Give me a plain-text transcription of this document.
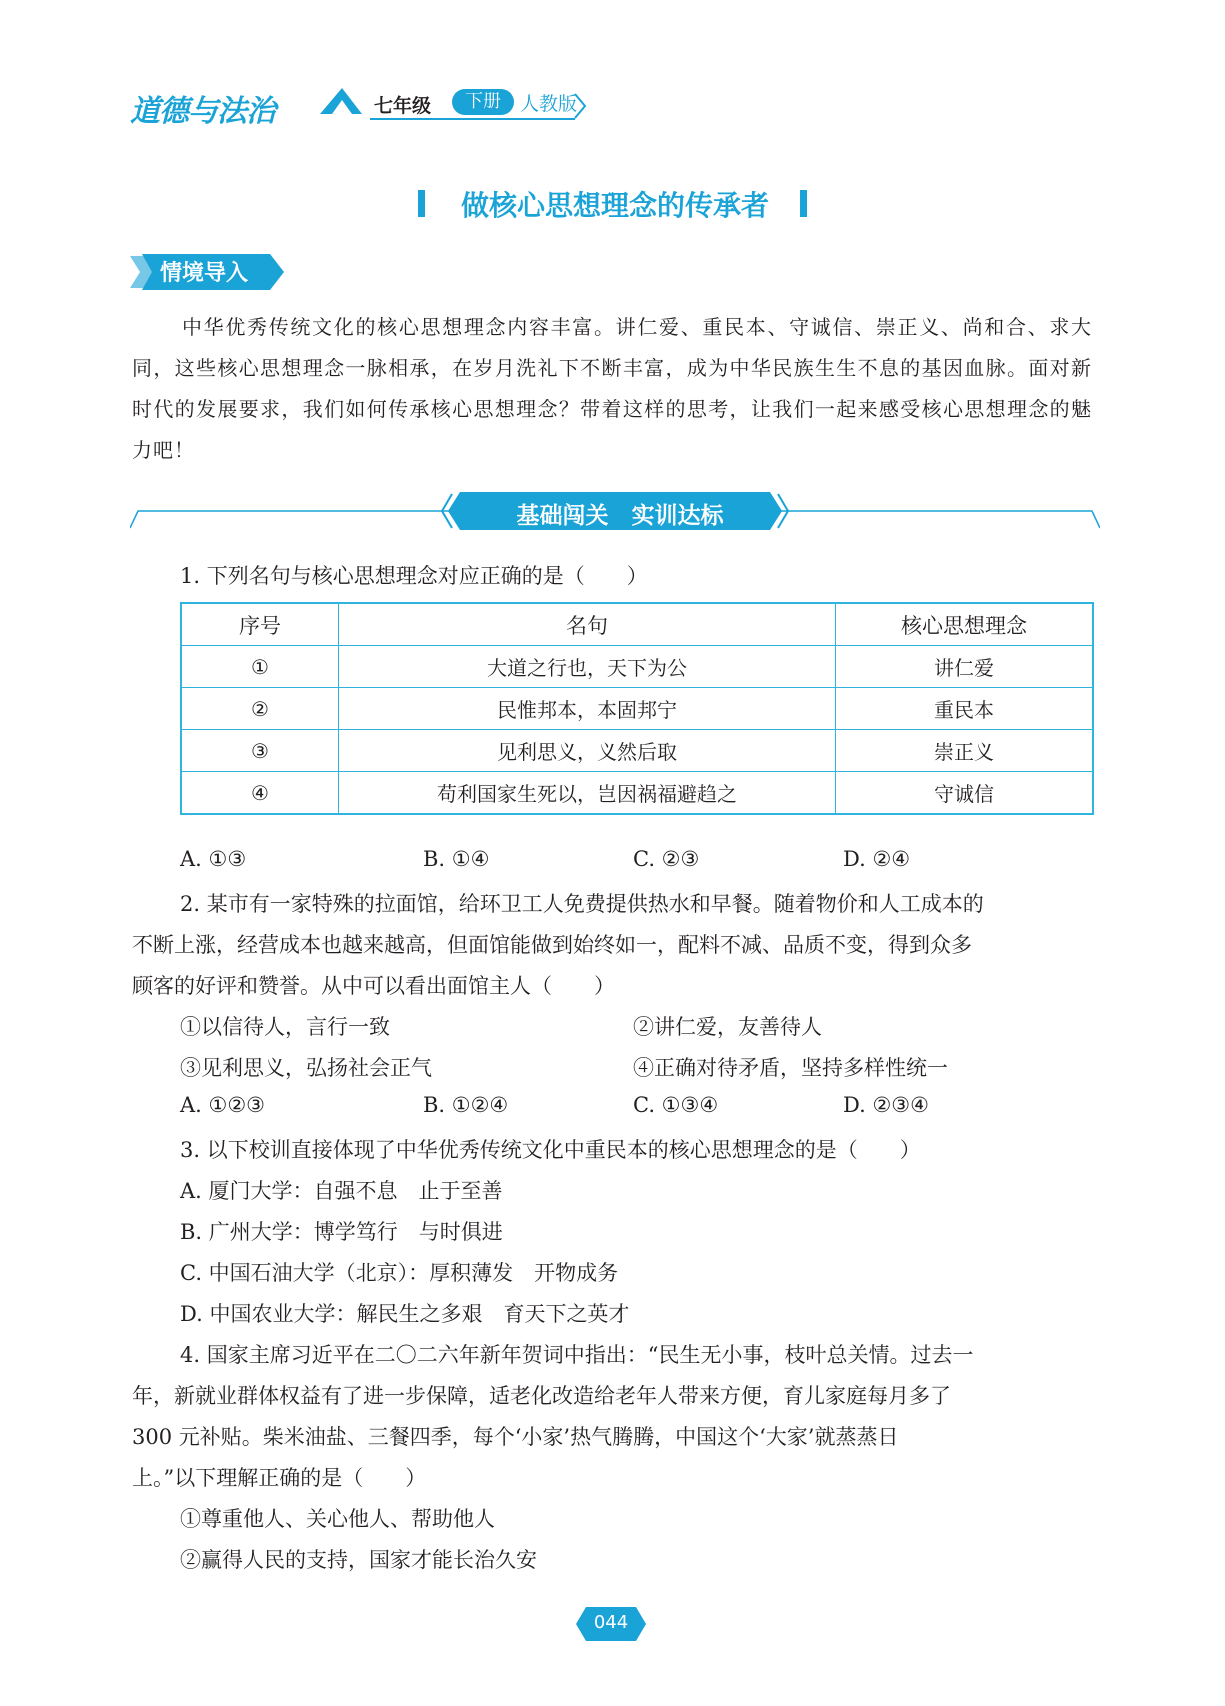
道德与法治	七年级	下册	人教版
做核心思想理念的传承者
情境导入
中华优秀传统文化的核心思想理念内容丰富。讲仁爱、重民本、守诚信、崇正义、尚和合、求大同，这些核心思想理念一脉相承，在岁月洗礼下不断丰富，成为中华民族生生不息的基因血脉。面对新时代的发展要求，我们如何传承核心思想理念？带着这样的思考，让我们一起来感受核心思想理念的魅力吧！
基础闯关　实训达标
1. 下列名句与核心思想理念对应正确的是（　　）
序号	名句	核心思想理念
①	大道之行也，天下为公	讲仁爱
②	民惟邦本，本固邦宁	重民本
③	见利思义，义然后取	崇正义
④	苟利国家生死以，岂因祸福避趋之	守诚信
A. ①③	B. ①④	C. ②③	D. ②④
2. 某市有一家特殊的拉面馆，给环卫工人免费提供热水和早餐。随着物价和人工成本的
不断上涨，经营成本也越来越高，但面馆能做到始终如一，配料不减、品质不变，得到众多
顾客的好评和赞誉。从中可以看出面馆主人（　　）
①以信待人，言行一致	②讲仁爱，友善待人
③见利思义，弘扬社会正气	④正确对待矛盾，坚持多样性统一
A. ①②③	B. ①②④	C. ①③④	D. ②③④
3. 以下校训直接体现了中华优秀传统文化中重民本的核心思想理念的是（　　）
A. 厦门大学：自强不息　止于至善
B. 广州大学：博学笃行　与时俱进
C. 中国石油大学（北京）：厚积薄发　开物成务
D. 中国农业大学：解民生之多艰　育天下之英才
4. 国家主席习近平在二〇二六年新年贺词中指出：“民生无小事，枝叶总关情。过去一
年，新就业群体权益有了进一步保障，适老化改造给老年人带来方便，育儿家庭每月多了
300 元补贴。柴米油盐、三餐四季，每个‘小家’热气腾腾，中国这个‘大家’就蒸蒸日
上。”以下理解正确的是（　　）
①尊重他人、关心他人、帮助他人
②赢得人民的支持，国家才能长治久安
044
